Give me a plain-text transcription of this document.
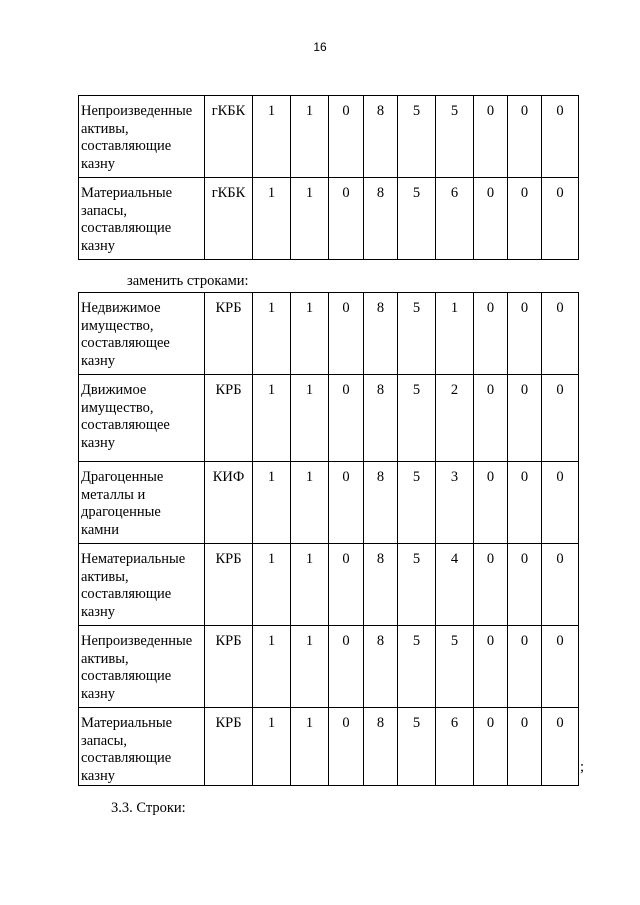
16
Непроизведенные активы, составляющие казну	гКБК	1	1	0	8	5	5	0	0	0
Материальные запасы, составляющие казну	гКБК	1	1	0	8	5	6	0	0	0
заменить строками:
Недвижимое имущество, составляющее казну	КРБ	1	1	0	8	5	1	0	0	0
Движимое имущество, составляющее казну	КРБ	1	1	0	8	5	2	0	0	0
Драгоценные металлы и драгоценные камни	КИФ	1	1	0	8	5	3	0	0	0
Нематериальные активы, составляющие казну	КРБ	1	1	0	8	5	4	0	0	0
Непроизведенные активы, составляющие казну	КРБ	1	1	0	8	5	5	0	0	0
Материальные запасы, составляющие казну	КРБ	1	1	0	8	5	6	0	0	0
;
3.3. Строки:
